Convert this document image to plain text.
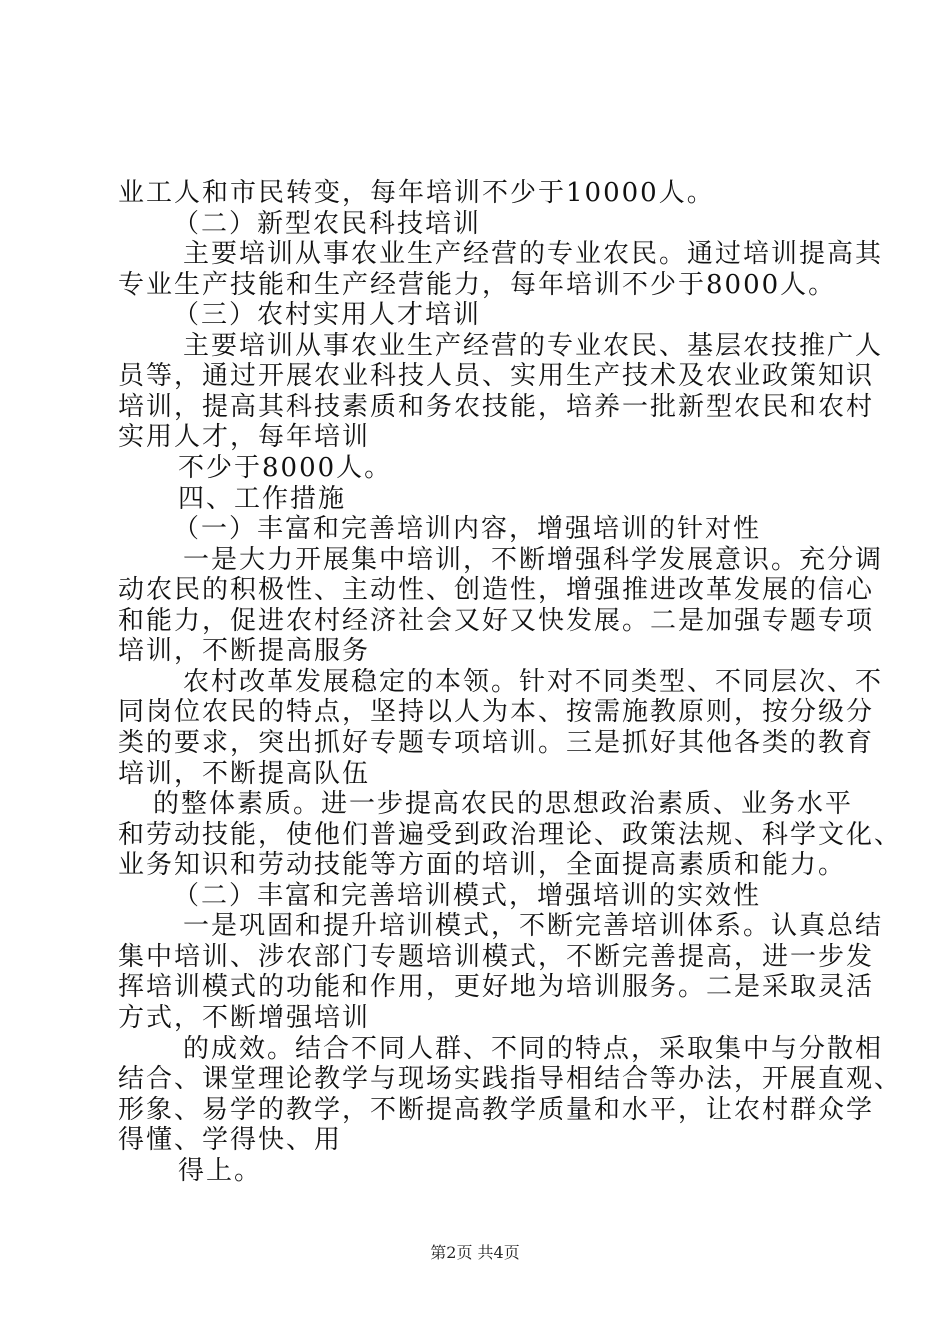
业工人和市民转变，每年培训不少于10000人。
（二）新型农民科技培训
主要培训从事农业生产经营的专业农民。通过培训提高其
专业生产技能和生产经营能力，每年培训不少于8000人。
（三）农村实用人才培训
主要培训从事农业生产经营的专业农民、基层农技推广人
员等，通过开展农业科技人员、实用生产技术及农业政策知识
培训，提高其科技素质和务农技能，培养一批新型农民和农村
实用人才，每年培训
不少于8000人。
四、工作措施
（一）丰富和完善培训内容，增强培训的针对性
一是大力开展集中培训，不断增强科学发展意识。充分调
动农民的积极性、主动性、创造性，增强推进改革发展的信心
和能力，促进农村经济社会又好又快发展。二是加强专题专项
培训，不断提高服务
农村改革发展稳定的本领。针对不同类型、不同层次、不
同岗位农民的特点，坚持以人为本、按需施教原则，按分级分
类的要求，突出抓好专题专项培训。三是抓好其他各类的教育
培训，不断提高队伍
的整体素质。进一步提高农民的思想政治素质、业务水平
和劳动技能，使他们普遍受到政治理论、政策法规、科学文化、
业务知识和劳动技能等方面的培训，全面提高素质和能力。
（二）丰富和完善培训模式，增强培训的实效性
一是巩固和提升培训模式，不断完善培训体系。认真总结
集中培训、涉农部门专题培训模式，不断完善提高，进一步发
挥培训模式的功能和作用，更好地为培训服务。二是采取灵活
方式，不断增强培训
的成效。结合不同人群、不同的特点，采取集中与分散相
结合、课堂理论教学与现场实践指导相结合等办法，开展直观、
形象、易学的教学，不断提高教学质量和水平，让农村群众学
得懂、学得快、用
得上。
第2页 共4页
